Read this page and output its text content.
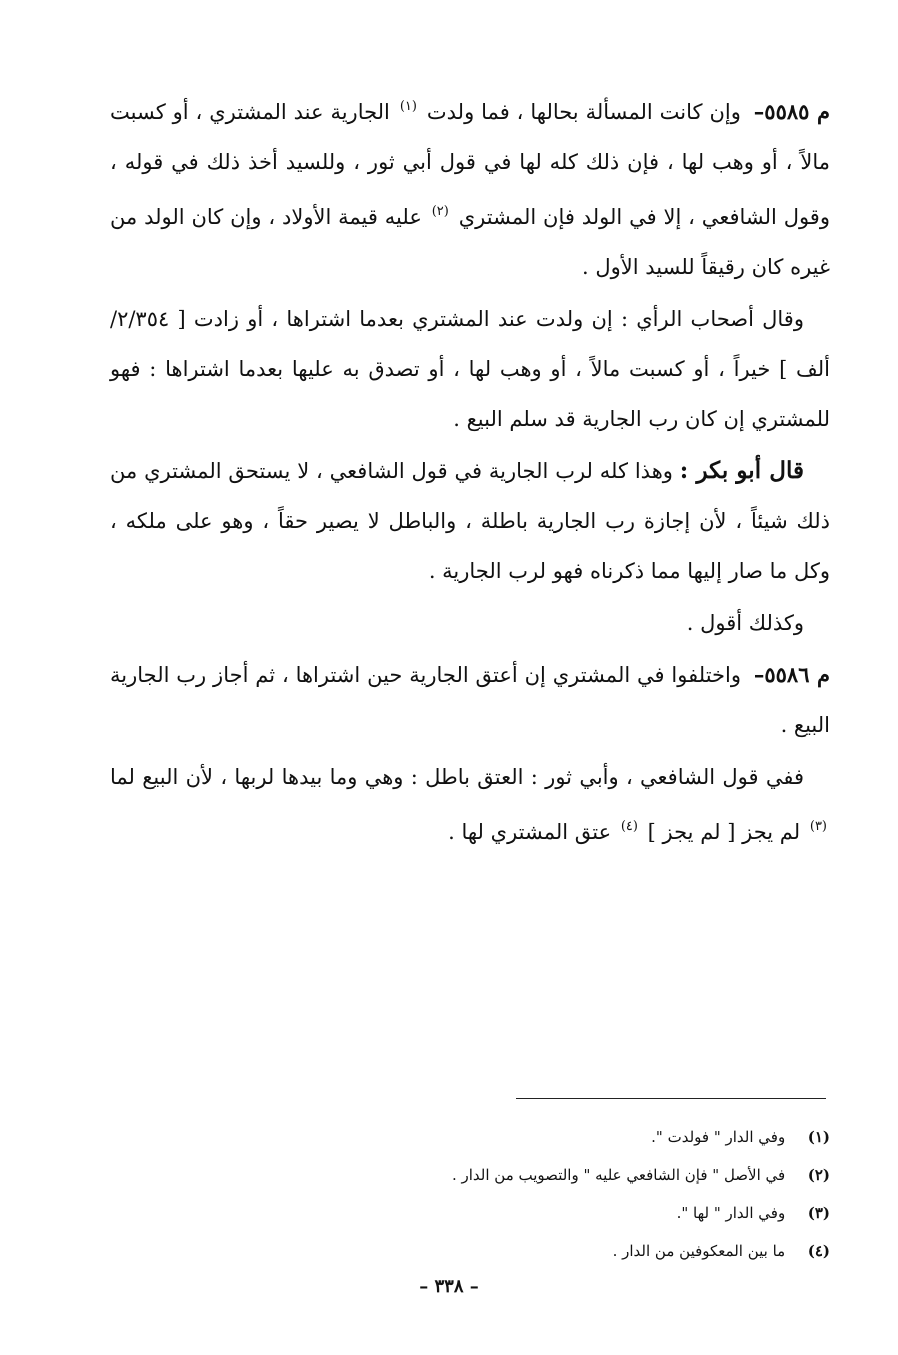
م ٥٥٨٥– وإن كانت المسألة بحالها ، فما ولدت $^{(١)}$ الجارية عند المشتري ، أو كسبت مالاً ، أو وهب لها ، فإن ذلك كله لها في قول أبي ثور ، وللسيد أخذ ذلك في قوله ، وقول الشافعي ، إلا في الولد فإن المشتري $^{(٢)}$ عليه قيمة الأولاد ، وإن كان الولد من غيره كان رقيقاً للسيد الأول .

وقال أصحاب الرأي : إن ولدت عند المشتري بعدما اشتراها ، أو زادت [ ٢/٣٥٤/ألف ] خيراً ، أو كسبت مالاً ، أو وهب لها ، أو تصدق به عليها بعدما اشتراها : فهو للمشتري إن كان رب الجارية قد سلم البيع .

قال أبو بكر : وهذا كله لرب الجارية في قول الشافعي ، لا يستحق المشتري من ذلك شيئاً ، لأن إجازة رب الجارية باطلة ، والباطل لا يصير حقاً ، وهو على ملكه ، وكل ما صار إليها مما ذكرناه فهو لرب الجارية .

وكذلك أقول .

م ٥٥٨٦– واختلفوا في المشتري إن أعتق الجارية حين اشتراها ، ثم أجاز رب الجارية البيع .

ففي قول الشافعي ، وأبي ثور : العتق باطل : وهي وما بيدها لربها ، لأن البيع لما $^{(٣)}$ لم يجز [ لم يجز ] $^{(٤)}$ عتق المشتري لها .

(١) وفي الدار " فولدت ".
(٢) في الأصل " فإن الشافعي عليه " والتصويب من الدار .
(٣) وفي الدار " لها ".
(٤) ما بين المعكوفين من الدار .
– ٣٣٨ –
